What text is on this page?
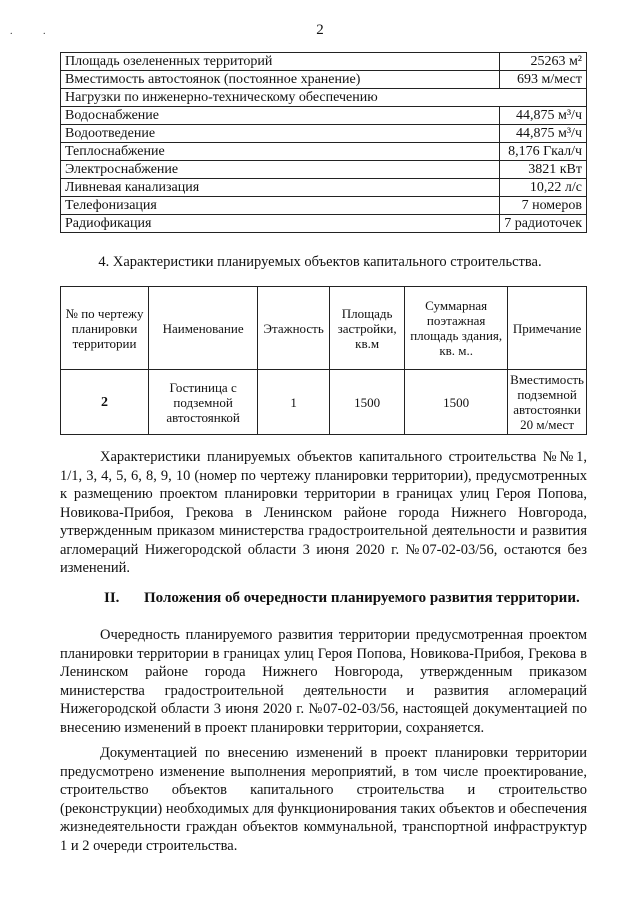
. .	2
Площадь озелененных территорий	25263 м²
Вместимость автостоянок (постоянное хранение)	693 м/мест
Нагрузки по инженерно-техническому обеспечению	
Водоснабжение	44,875 м³/ч
Водоотведение	44,875 м³/ч
Теплоснабжение	8,176 Гкал/ч
Электроснабжение	3821 кВт
Ливневая канализация	10,22 л/с
Телефонизация	7 номеров
Радиофикация	7 радиоточек
4. Характеристики планируемых объектов капитального строительства.
№ по чертежу планировки территории	Наименование	Этажность	Площадь застройки, кв.м	Суммарная поэтажная площадь здания, кв. м..	Примечание
2	Гостиница с подземной автостоянкой	1	1500	1500	Вместимость подземной автостоянки 20 м/мест

Характеристики планируемых объектов капитального строительства №№1, 1/1, 3, 4, 5, 6, 8, 9, 10 (номер по чертежу планировки территории), предусмотренных к размещению проектом планировки территории в границах улиц Героя Попова, Новикова-Прибоя, Грекова в Ленинском районе города Нижнего Новгорода, утвержденным приказом министерства градостроительной деятельности и развития агломераций Нижегородской области 3 июня 2020 г. №07-02-03/56, остаются без изменений.

II. Положения об очередности планируемого развития территории.

Очередность планируемого развития территории предусмотренная проектом планировки территории в границах улиц Героя Попова, Новикова-Прибоя, Грекова в Ленинском районе города Нижнего Новгорода, утвержденным приказом министерства градостроительной деятельности и развития агломераций Нижегородской области 3 июня 2020 г. №07-02-03/56, настоящей документацией по внесению изменений в проект планировки территории, сохраняется.

Документацией по внесению изменений в проект планировки территории предусмотрено изменение выполнения мероприятий, в том числе проектирование, строительство объектов капитального строительства и строительство (реконструкции) необходимых для функционирования таких объектов и обеспечения жизнедеятельности граждан объектов коммунальной, транспортной инфраструктур 1 и 2 очереди строительства.
